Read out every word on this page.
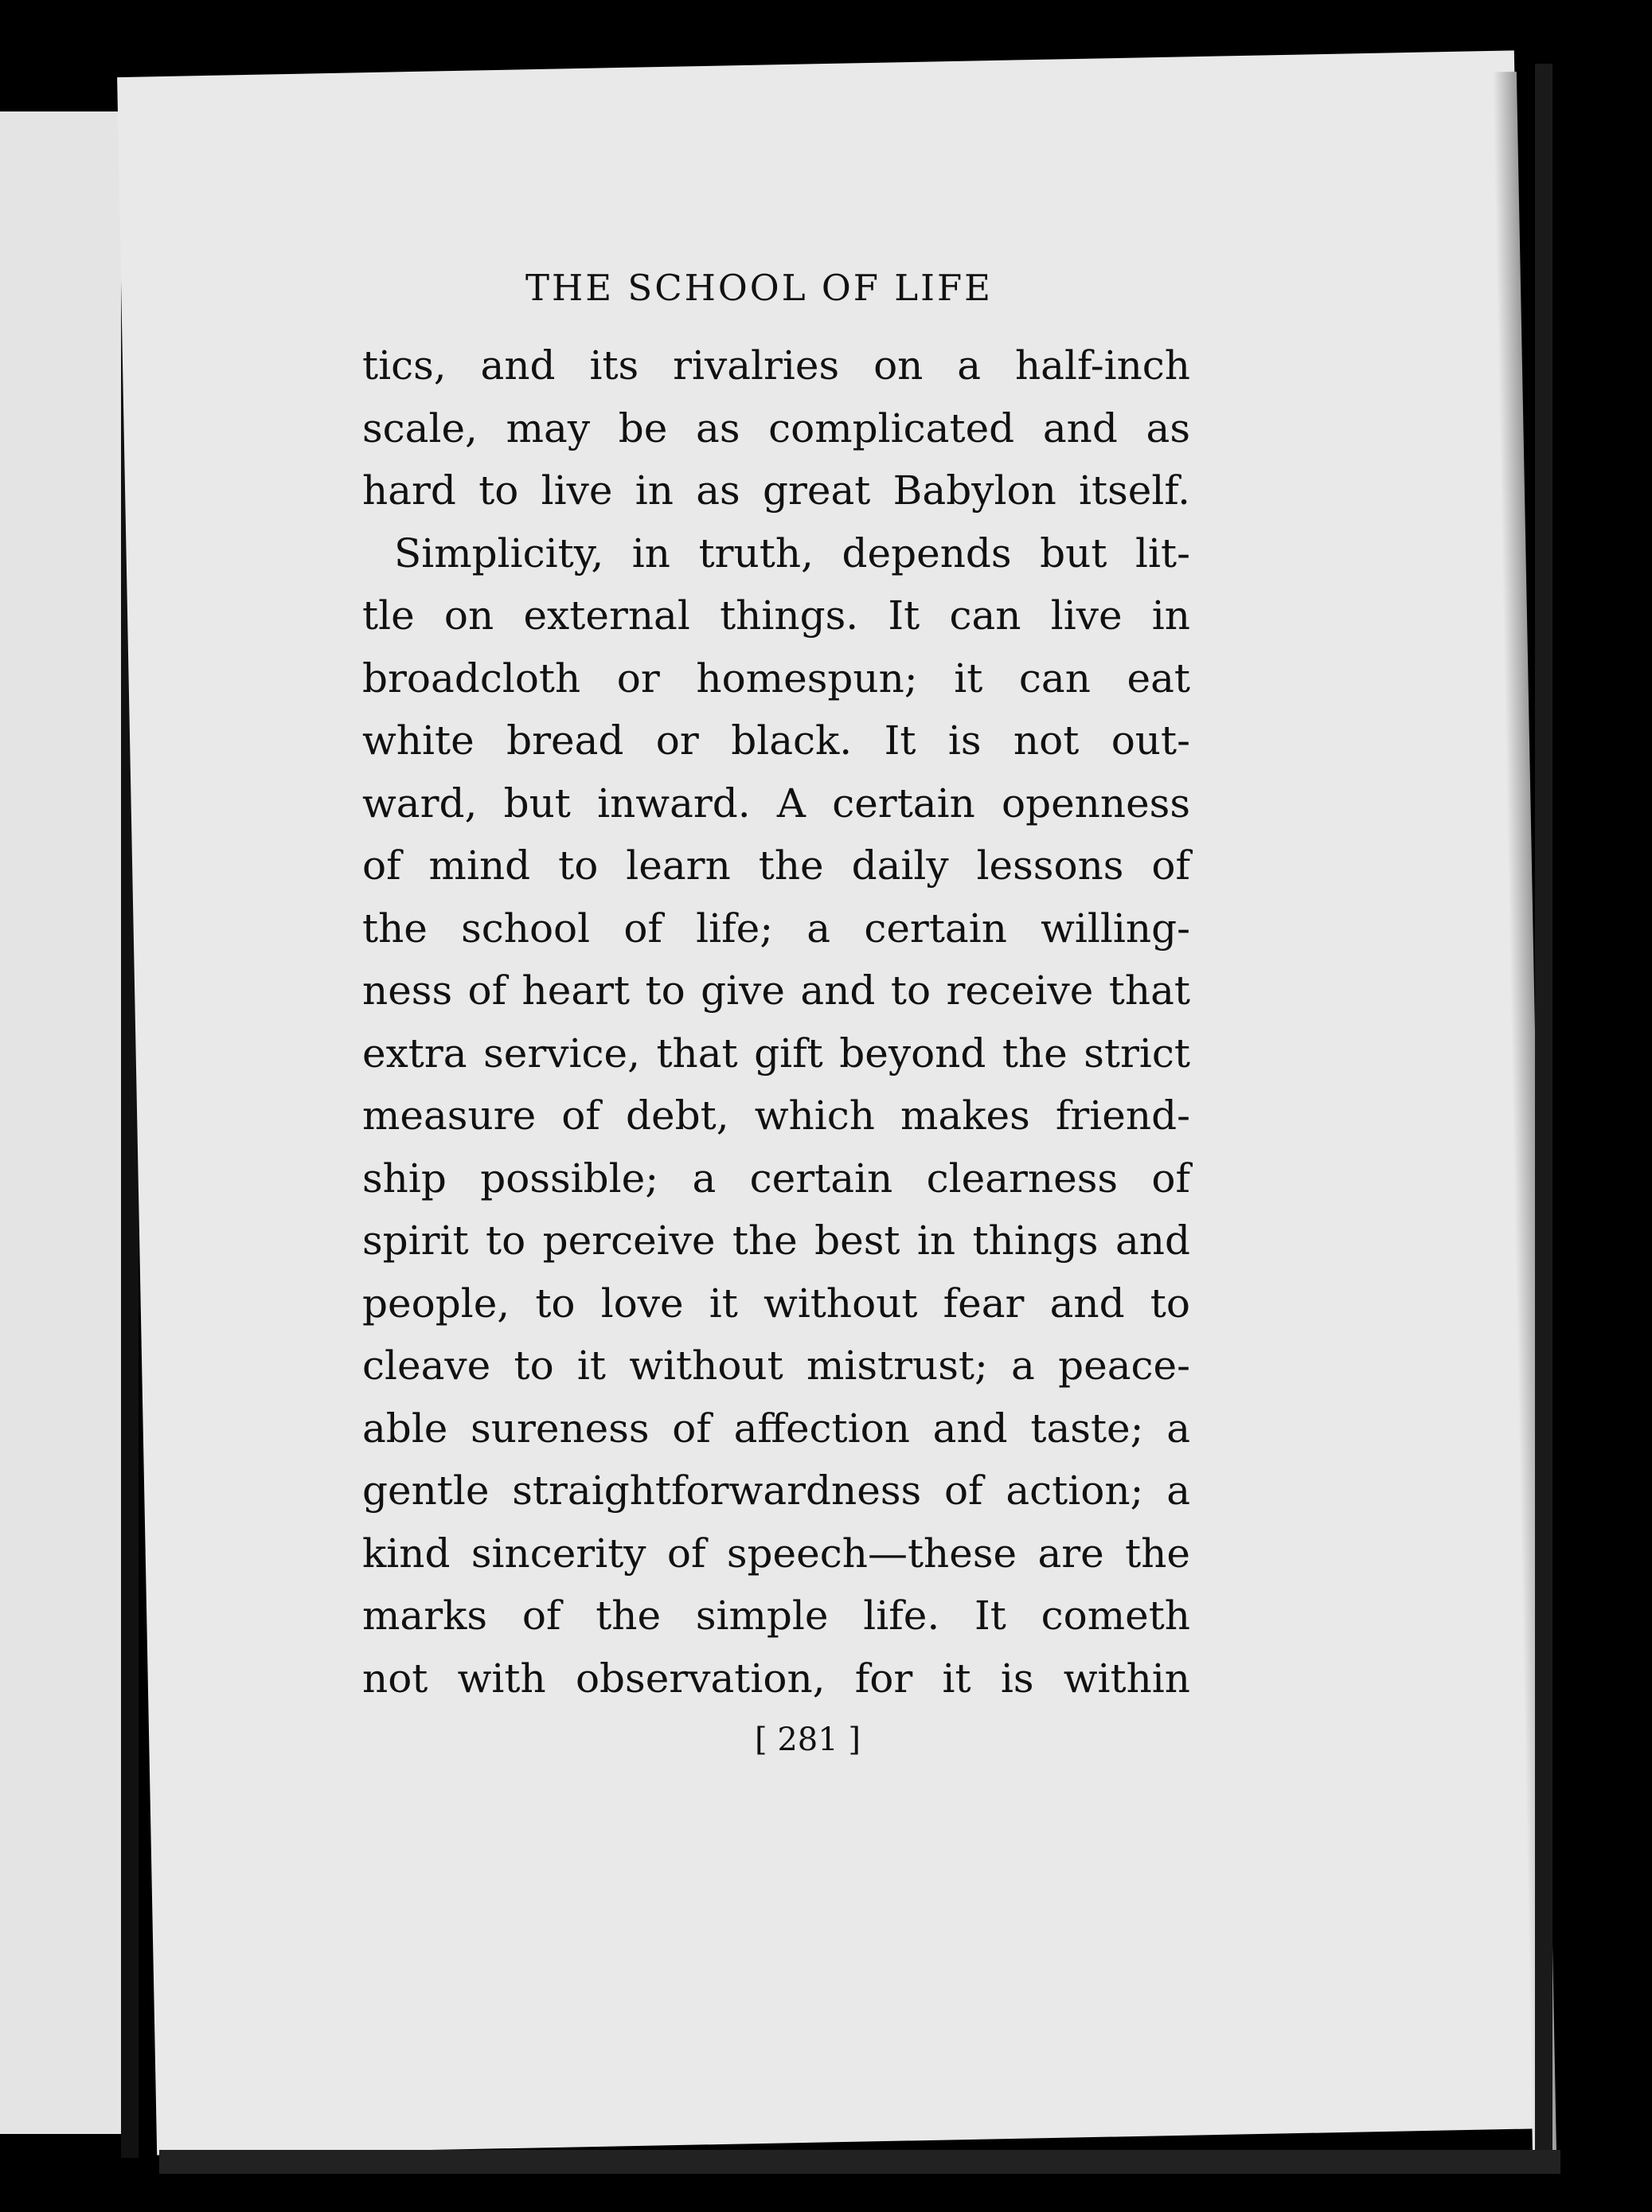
THE SCHOOL OF LIFE
tics, and its rivalries on a half-inch
scale, may be as complicated and as
hard to live in as great Babylon itself.
Simplicity, in truth, depends but lit-
tle on external things. It can live in
broadcloth or homespun; it can eat
white bread or black. It is not out-
ward, but inward. A certain openness
of mind to learn the daily lessons of
the school of life; a certain willing-
ness of heart to give and to receive that
extra service, that gift beyond the strict
measure of debt, which makes friend-
ship possible; a certain clearness of
spirit to perceive the best in things and
people, to love it without fear and to
cleave to it without mistrust; a peace-
able sureness of affection and taste; a
gentle straightforwardness of action; a
kind sincerity of speech—these are the
marks of the simple life. It cometh
not with observation, for it is within
[ 281 ]
